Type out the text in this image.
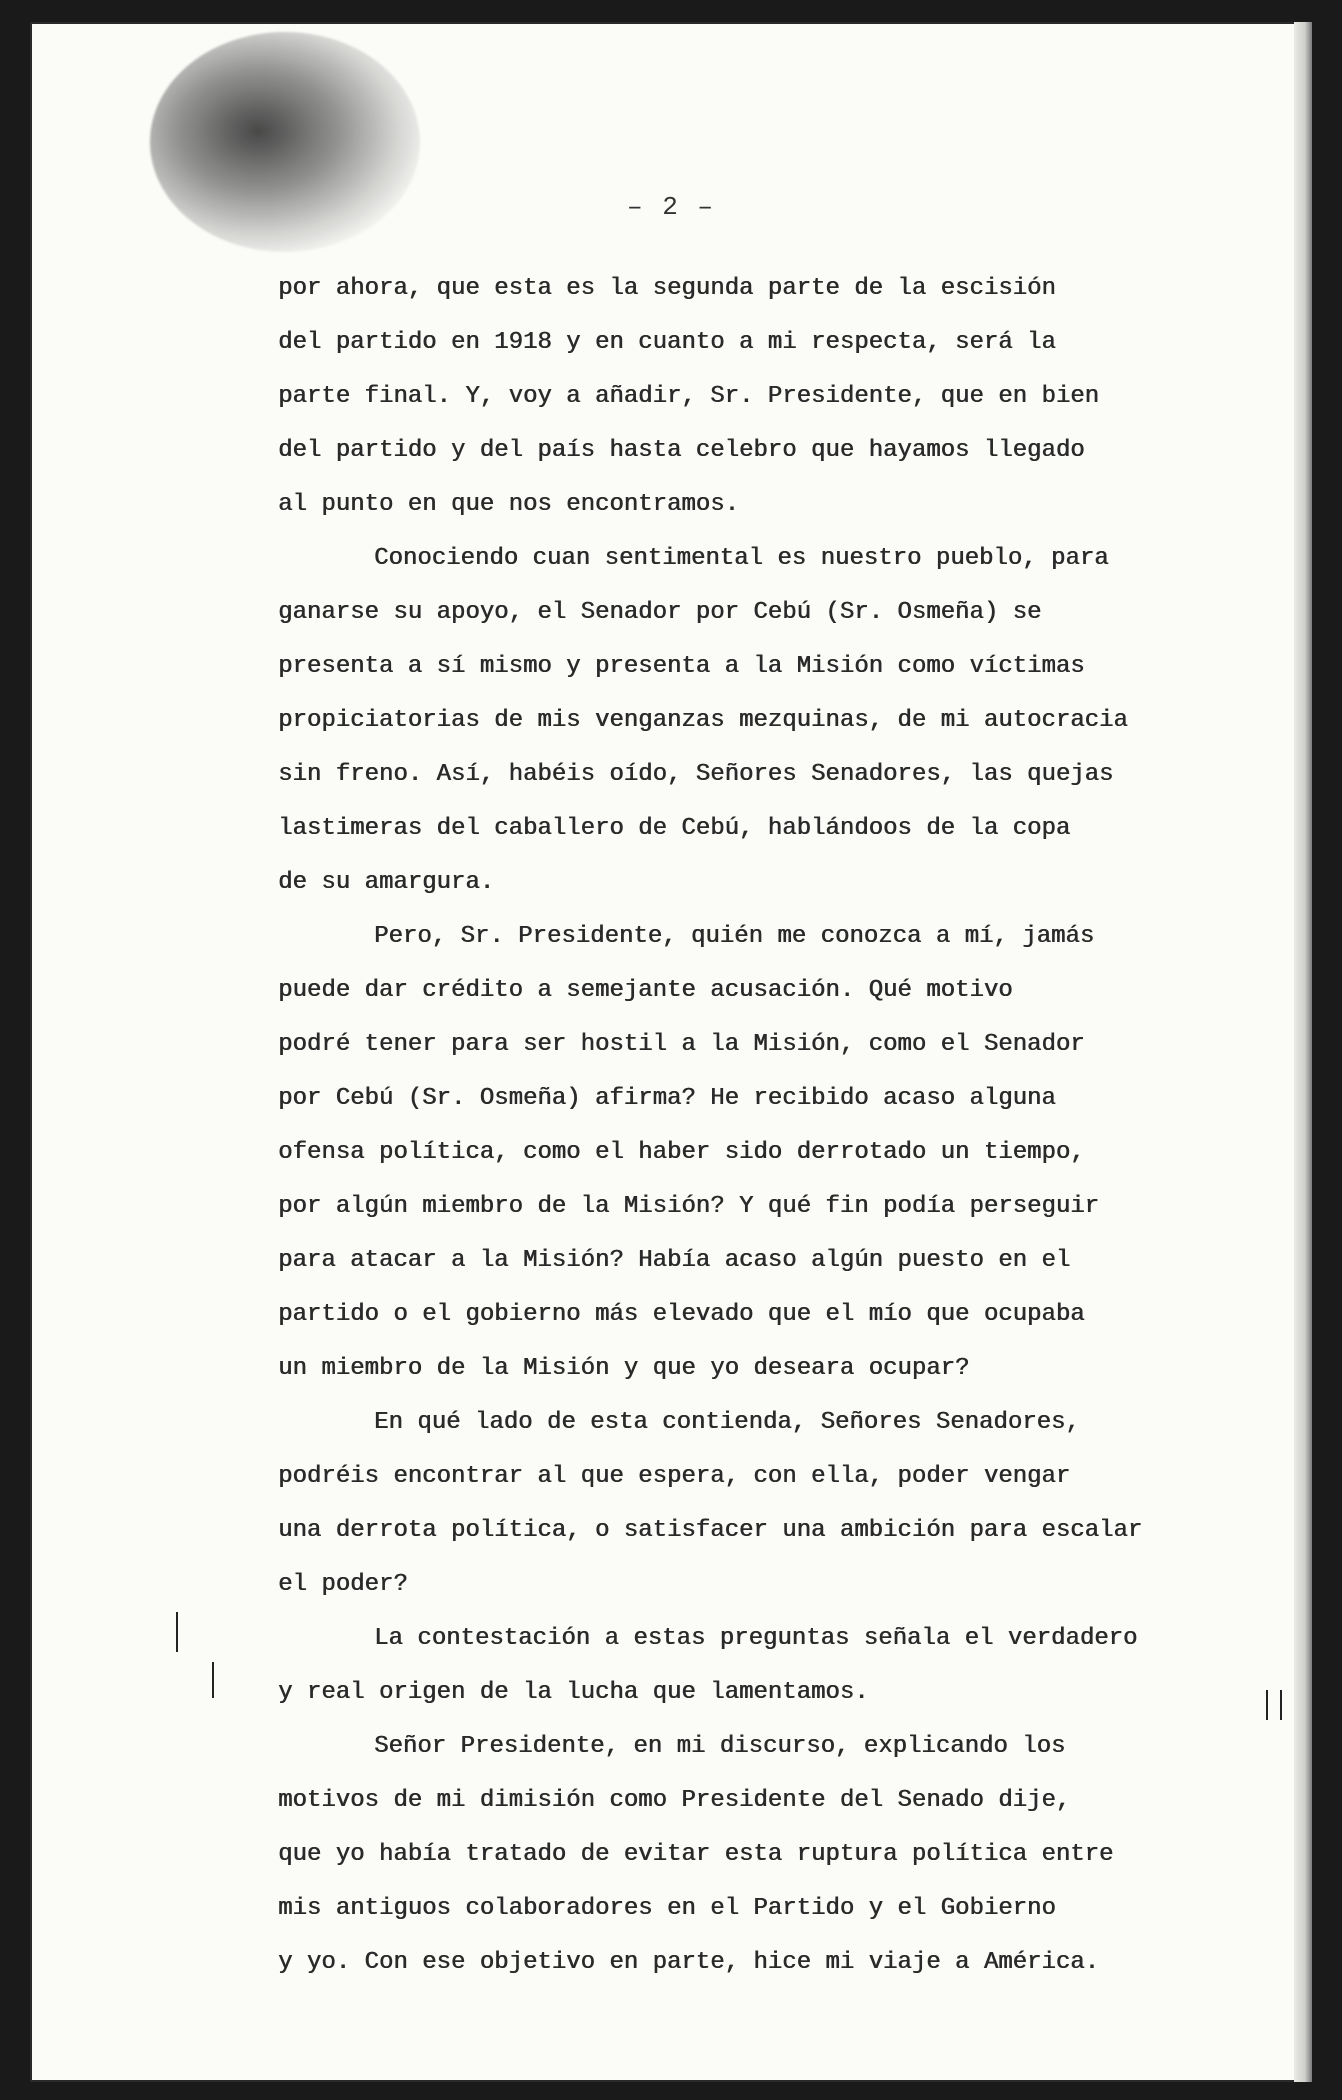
– 2 –
por ahora, que esta es la segunda parte de la escisión
del partido en 1918 y en cuanto a mi respecta, será la
parte final. Y, voy a añadir, Sr. Presidente, que en bien
del partido y del país hasta celebro que hayamos llegado
al punto en que nos encontramos.
Conociendo cuan sentimental es nuestro pueblo, para
ganarse su apoyo, el Senador por Cebú (Sr. Osmeña) se
presenta a sí mismo y presenta a la Misión como víctimas
propiciatorias de mis venganzas mezquinas, de mi autocracia
sin freno. Así, habéis oído, Señores Senadores, las quejas
lastimeras del caballero de Cebú, hablándoos de la copa
de su amargura.
Pero, Sr. Presidente, quién me conozca a mí, jamás
puede dar crédito a semejante acusación. Qué motivo
podré tener para ser hostil a la Misión, como el Senador
por Cebú (Sr. Osmeña) afirma? He recibido acaso alguna
ofensa política, como el haber sido derrotado un tiempo,
por algún miembro de la Misión? Y qué fin podía perseguir
para atacar a la Misión? Había acaso algún puesto en el
partido o el gobierno más elevado que el mío que ocupaba
un miembro de la Misión y que yo deseara ocupar?
En qué lado de esta contienda, Señores Senadores,
podréis encontrar al que espera, con ella, poder vengar
una derrota política, o satisfacer una ambición para escalar
el poder?
La contestación a estas preguntas señala el verdadero
y real origen de la lucha que lamentamos.
Señor Presidente, en mi discurso, explicando los
motivos de mi dimisión como Presidente del Senado dije,
que yo había tratado de evitar esta ruptura política entre
mis antiguos colaboradores en el Partido y el Gobierno
y yo. Con ese objetivo en parte, hice mi viaje a América.
